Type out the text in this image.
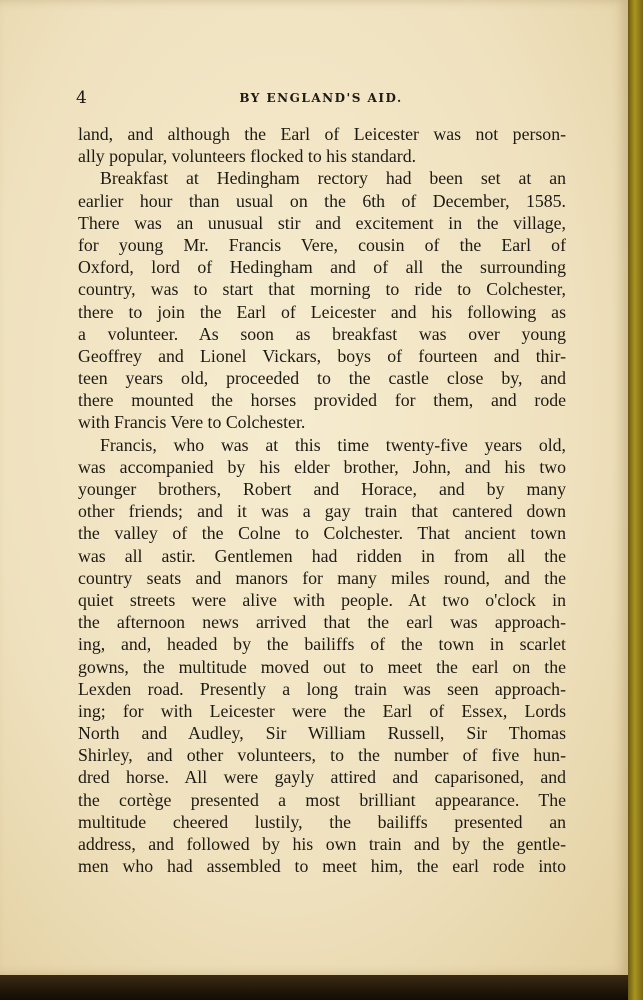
4	BY ENGLAND'S AID.
land, and although the Earl of Leicester was not person-
ally popular, volunteers flocked to his standard.
Breakfast at Hedingham rectory had been set at an
earlier hour than usual on the 6th of December, 1585.
There was an unusual stir and excitement in the village,
for young Mr. Francis Vere, cousin of the Earl of
Oxford, lord of Hedingham and of all the surrounding
country, was to start that morning to ride to Colchester,
there to join the Earl of Leicester and his following as
a volunteer. As soon as breakfast was over young
Geoffrey and Lionel Vickars, boys of fourteen and thir-
teen years old, proceeded to the castle close by, and
there mounted the horses provided for them, and rode
with Francis Vere to Colchester.
Francis, who was at this time twenty-five years old,
was accompanied by his elder brother, John, and his two
younger brothers, Robert and Horace, and by many
other friends; and it was a gay train that cantered down
the valley of the Colne to Colchester. That ancient town
was all astir. Gentlemen had ridden in from all the
country seats and manors for many miles round, and the
quiet streets were alive with people. At two o'clock in
the afternoon news arrived that the earl was approach-
ing, and, headed by the bailiffs of the town in scarlet
gowns, the multitude moved out to meet the earl on the
Lexden road. Presently a long train was seen approach-
ing; for with Leicester were the Earl of Essex, Lords
North and Audley, Sir William Russell, Sir Thomas
Shirley, and other volunteers, to the number of five hun-
dred horse. All were gayly attired and caparisoned, and
the cortège presented a most brilliant appearance. The
multitude cheered lustily, the bailiffs presented an
address, and followed by his own train and by the gentle-
men who had assembled to meet him, the earl rode into
